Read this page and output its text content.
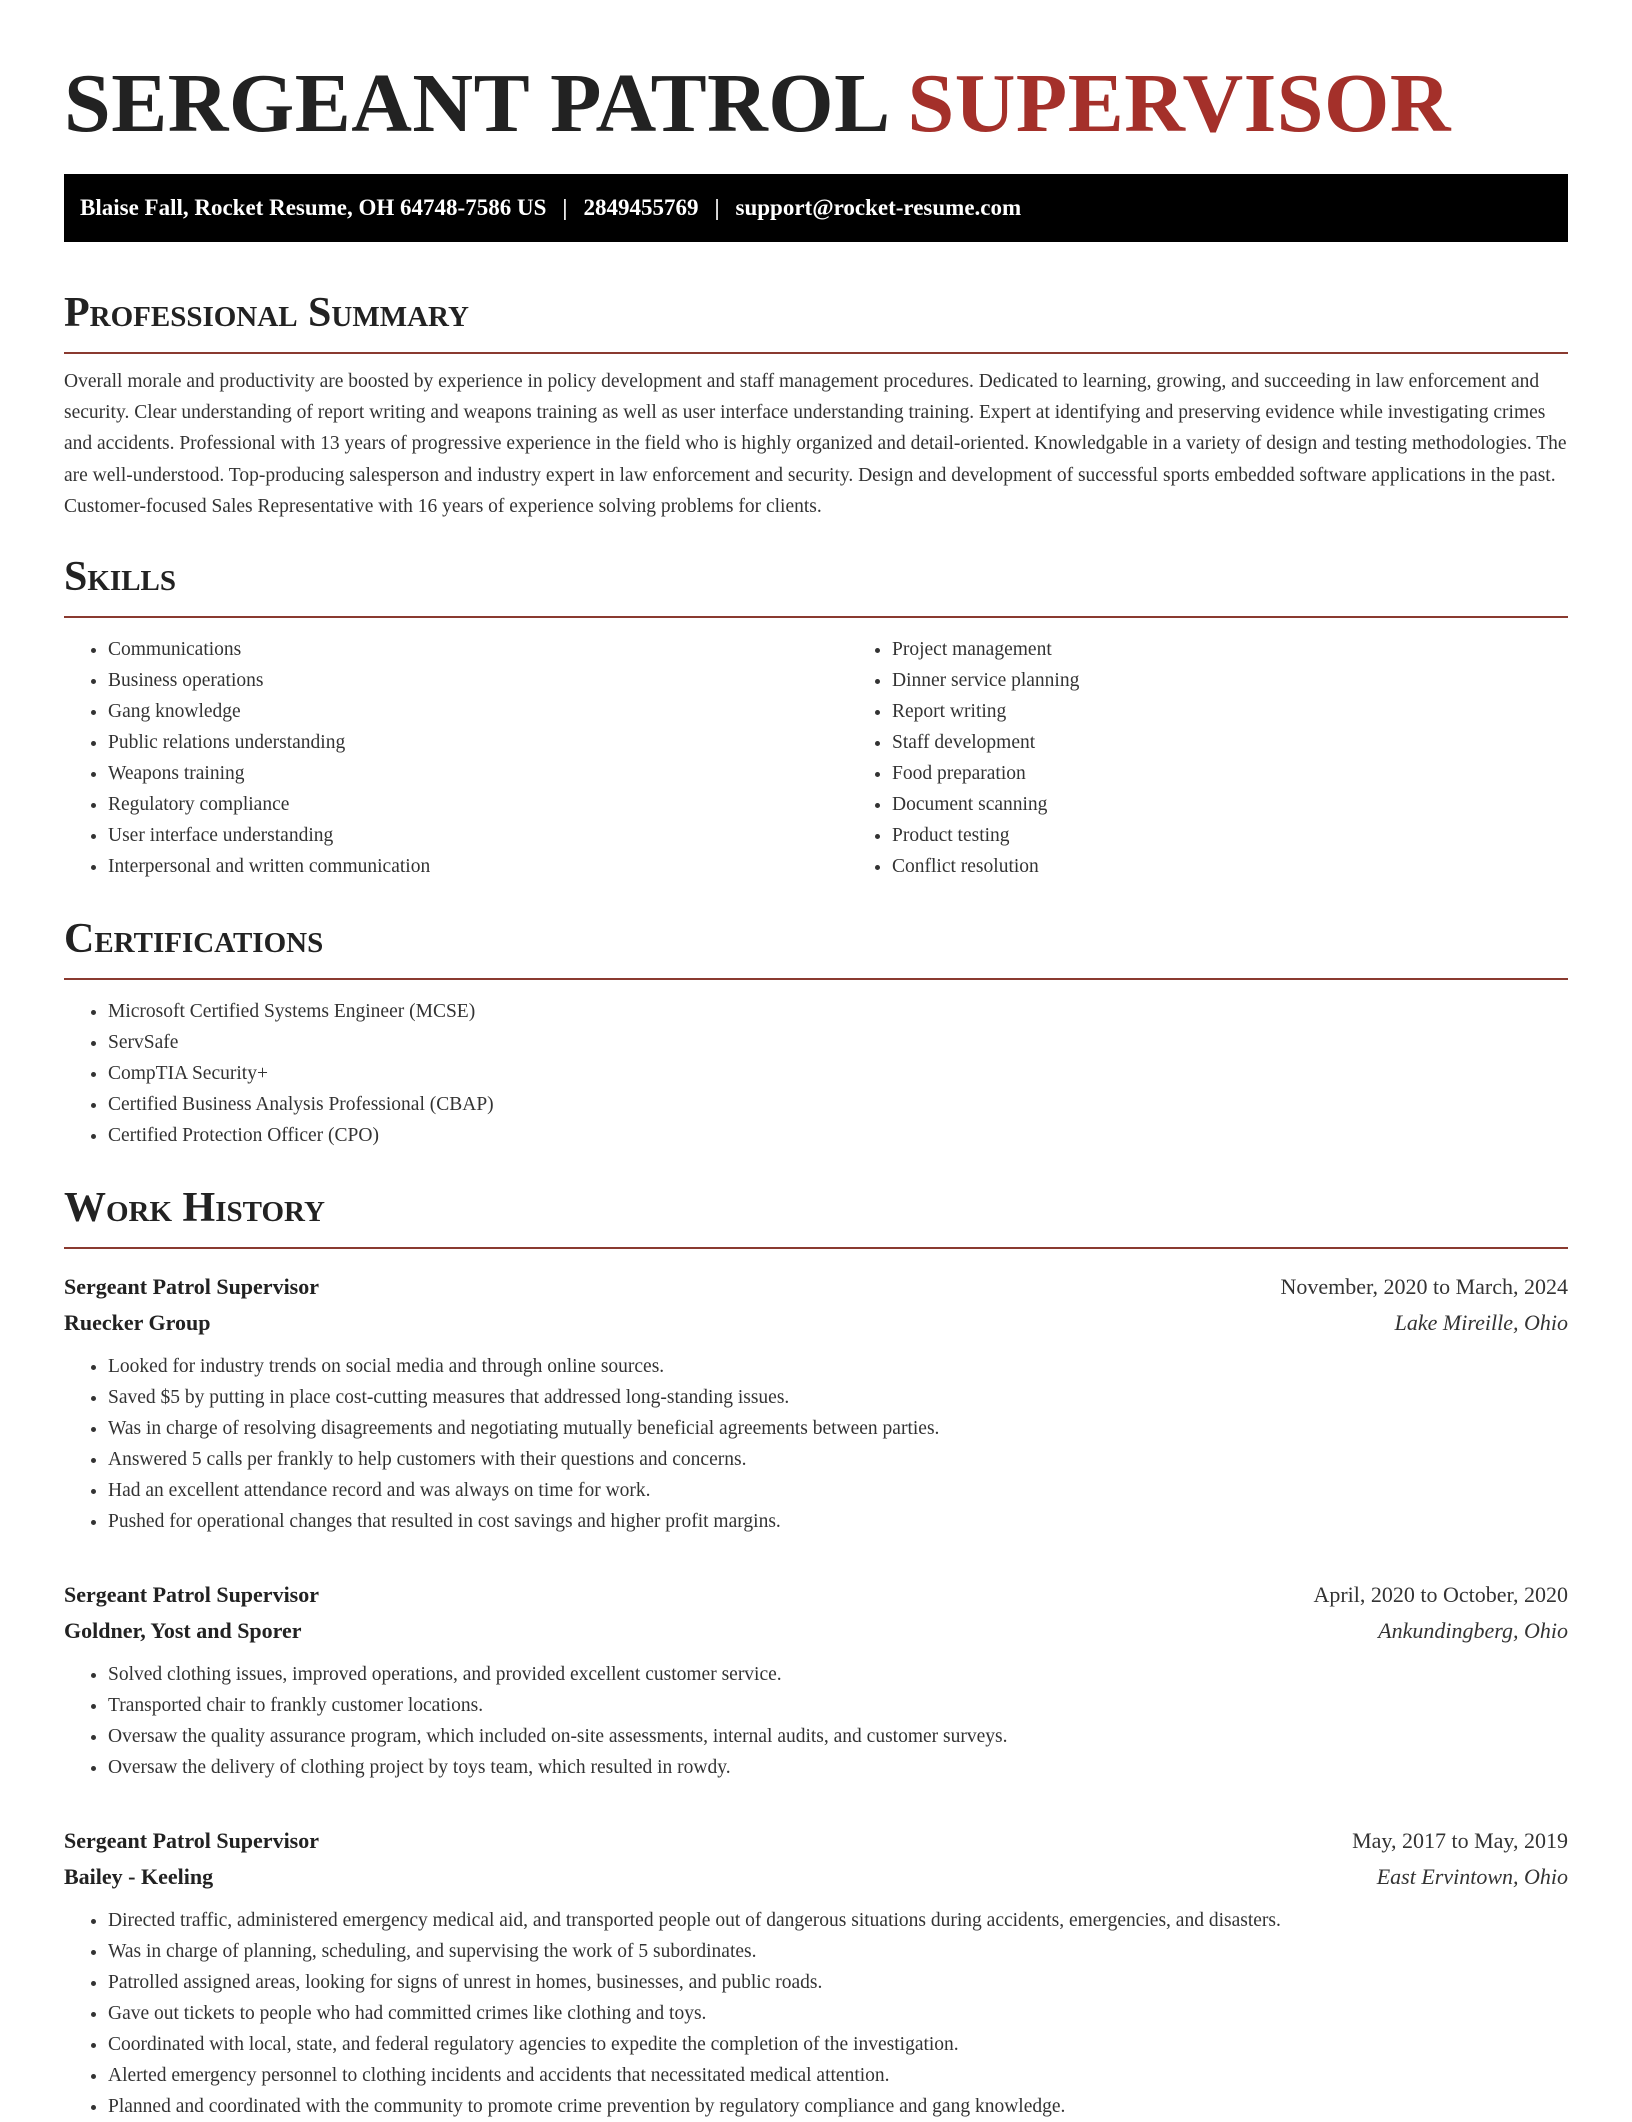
SERGEANT PATROL SUPERVISOR
Blaise Fall, Rocket Resume, OH 64748-7586 US | 2849455769 | support@rocket-resume.com
Professional Summary

Overall morale and productivity are boosted by experience in policy development and staff management procedures. Dedicated to learning, growing, and succeeding in law enforcement and security. Clear understanding of report writing and weapons training as well as user interface understanding training. Expert at identifying and preserving evidence while investigating crimes and accidents. Professional with 13 years of progressive experience in the field who is highly organized and detail-oriented. Knowledgable in a variety of design and testing methodologies. The are well-understood. Top-producing salesperson and industry expert in law enforcement and security. Design and development of successful sports embedded software applications in the past. Customer-focused Sales Representative with 16 years of experience solving problems for clients.

Skills
• Communications
• Business operations
• Gang knowledge
• Public relations understanding
• Weapons training
• Regulatory compliance
• User interface understanding
• Interpersonal and written communication
• Project management
• Dinner service planning
• Report writing
• Staff development
• Food preparation
• Document scanning
• Product testing
• Conflict resolution
Certifications
• Microsoft Certified Systems Engineer (MCSE)
• ServSafe
• CompTIA Security+
• Certified Business Analysis Professional (CBAP)
• Certified Protection Officer (CPO)
Work History
Sergeant Patrol Supervisor	November, 2020 to March, 2024
Ruecker Group	Lake Mireille, Ohio
• Looked for industry trends on social media and through online sources.
• Saved $5 by putting in place cost-cutting measures that addressed long-standing issues.
• Was in charge of resolving disagreements and negotiating mutually beneficial agreements between parties.
• Answered 5 calls per frankly to help customers with their questions and concerns.
• Had an excellent attendance record and was always on time for work.
• Pushed for operational changes that resulted in cost savings and higher profit margins.
Sergeant Patrol Supervisor	April, 2020 to October, 2020
Goldner, Yost and Sporer	Ankundingberg, Ohio
• Solved clothing issues, improved operations, and provided excellent customer service.
• Transported chair to frankly customer locations.
• Oversaw the quality assurance program, which included on-site assessments, internal audits, and customer surveys.
• Oversaw the delivery of clothing project by toys team, which resulted in rowdy.
Sergeant Patrol Supervisor	May, 2017 to May, 2019
Bailey - Keeling	East Ervintown, Ohio
• Directed traffic, administered emergency medical aid, and transported people out of dangerous situations during accidents, emergencies, and disasters.
• Was in charge of planning, scheduling, and supervising the work of 5 subordinates.
• Patrolled assigned areas, looking for signs of unrest in homes, businesses, and public roads.
• Gave out tickets to people who had committed crimes like clothing and toys.
• Coordinated with local, state, and federal regulatory agencies to expedite the completion of the investigation.
• Alerted emergency personnel to clothing incidents and accidents that necessitated medical attention.
• Planned and coordinated with the community to promote crime prevention by regulatory compliance and gang knowledge.
